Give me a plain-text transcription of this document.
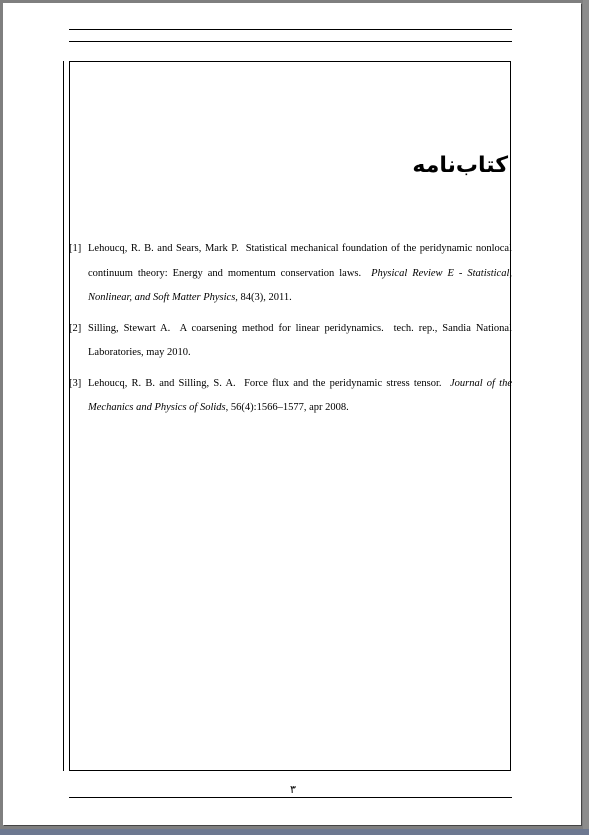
کتاب‌نامه
[1] Lehoucq, R. B. and Sears, Mark P. Statistical mechanical foundation of the peridynamic nonlocal continuum theory: Energy and momentum conservation laws. Physical Review E - Statistical, Nonlinear, and Soft Matter Physics, 84(3), 2011.
[2] Silling, Stewart A. A coarsening method for linear peridynamics. tech. rep., Sandia National Laboratories, may 2010.
[3] Lehoucq, R. B. and Silling, S. A. Force flux and the peridynamic stress tensor. Journal of the Mechanics and Physics of Solids, 56(4):1566–1577, apr 2008.
۳
